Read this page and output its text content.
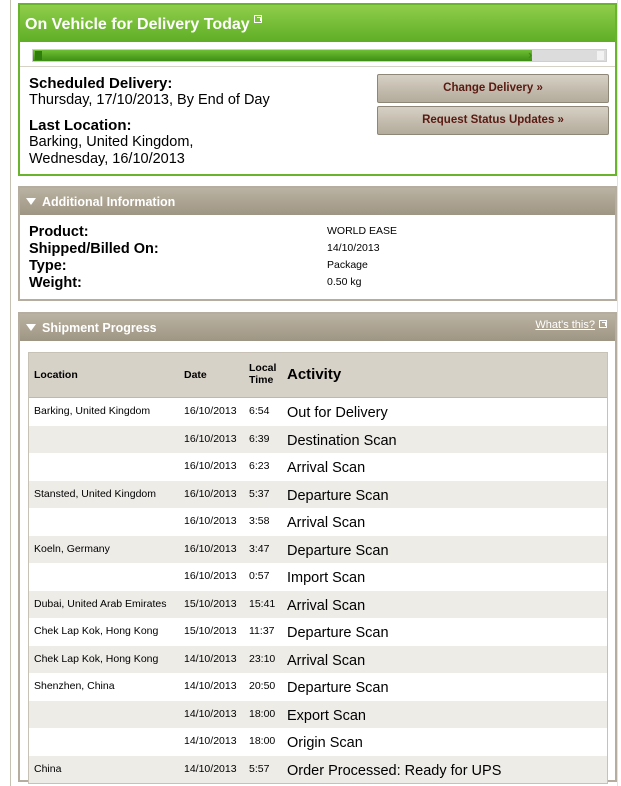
On Vehicle for Delivery Today
›
Scheduled Delivery:
Thursday, 17/10/2013, By End of Day
Last Location:
Barking, United Kingdom,
Wednesday, 16/10/2013
Change Delivery »
Request Status Updates »
Additional Information
Product:	WORLD EASE
Shipped/Billed On:	14/10/2013
Type:	Package
Weight:	0.50 kg
Shipment Progress	What's this?
Location	Date
Local
Time Activity
Barking, United Kingdom	16/10/2013 6:54 Out for Delivery
16/10/2013 6:39 Destination Scan
16/10/2013 6:23 Arrival Scan
Stansted, United Kingdom	16/10/2013 5:37 Departure Scan
16/10/2013 3:58 Arrival Scan
Koeln, Germany	16/10/2013 3:47 Departure Scan
16/10/2013 0:57 Import Scan
Dubai, United Arab Emirates 15/10/2013 15:41 Arrival Scan
Chek Lap Kok, Hong Kong 15/10/2013 11:37 Departure Scan
Chek Lap Kok, Hong Kong 14/10/2013 23:10 Arrival Scan
Shenzhen, China	14/10/2013 20:50 Departure Scan
14/10/2013 18:00 Export Scan
14/10/2013 18:00 Origin Scan
China	14/10/2013 5:57 Order Processed: Ready for UPS
